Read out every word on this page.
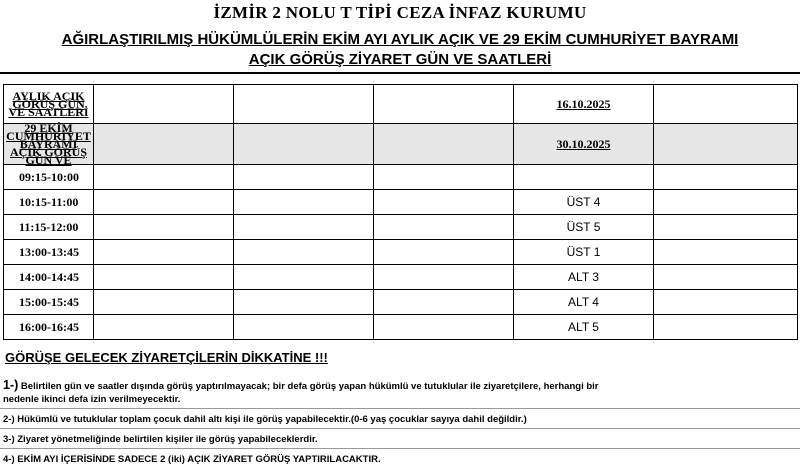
İZMİR 2 NOLU T TİPİ CEZA İNFAZ KURUMU
AĞIRLAŞTIRILMIŞ HÜKÜMLÜLERİN EKİM AYI AYLIK AÇIK VE 29 EKİM CUMHURİYET BAYRAMI
AÇIK GÖRÜŞ ZİYARET GÜN VE SAATLERİ
AYLIK AÇIK GÖRÜŞ GÜN VE SAATLERİ				16.10.2025	
29 EKİM CUMHURİYET BAYRAMI AÇIK GÖRÜŞ GÜN VE				30.10.2025	
09:15-10:00					
10:15-11:00				ÜST 4	
11:15-12:00				ÜST 5	
13:00-13:45				ÜST 1	
14:00-14:45				ALT 3	
15:00-15:45				ALT 4	
16:00-16:45				ALT 5	
GÖRÜŞE GELECEK ZİYARETÇİLERİN DİKKATİNE !!!
1-) Belirtilen gün ve saatler dışında görüş yaptırılmayacak; bir defa görüş yapan hükümlü ve tutuklular ile ziyaretçilere, herhangi bir nedenle ikinci defa izin verilmeyecektir.
2-) Hükümlü ve tutuklular toplam çocuk dahil altı kişi ile görüş yapabilecektir.(0-6 yaş çocuklar sayıya dahil değildir.)
3-) Ziyaret yönetmeliğinde belirtilen kişiler ile görüş yapabileceklerdir.
4-) EKİM AYI İÇERİSİNDE SADECE 2 (iki) AÇIK ZİYARET GÖRÜŞ YAPTIRILACAKTIR.
